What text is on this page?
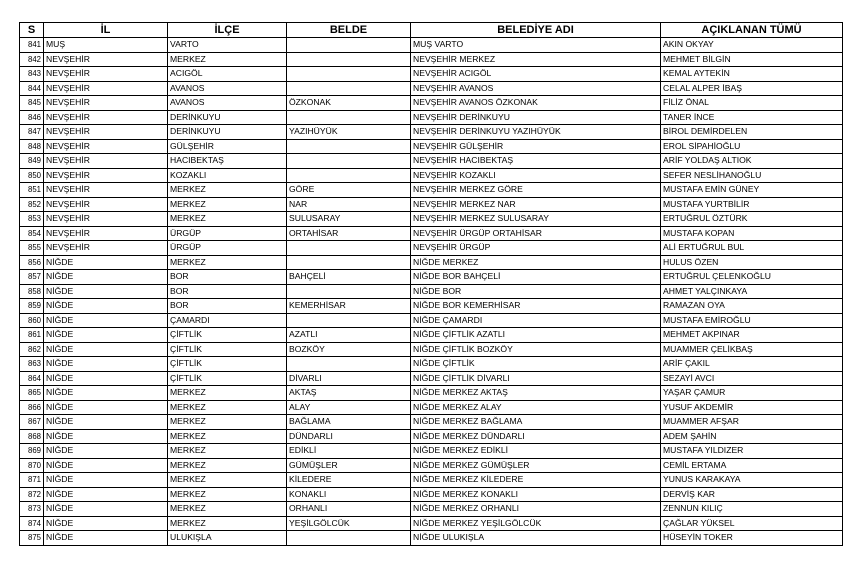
S	İL	İLÇE	BELDE	BELEDİYE ADI	AÇIKLANAN TÜMÜ
841	MUŞ	VARTO		MUŞ VARTO	AKIN OKYAY
842	NEVŞEHİR	MERKEZ		NEVŞEHİR MERKEZ	MEHMET BİLGİN
843	NEVŞEHİR	ACIGÖL		NEVŞEHİR ACIGÖL	KEMAL AYTEKİN
844	NEVŞEHİR	AVANOS		NEVŞEHİR AVANOS	CELAL ALPER İBAŞ
845	NEVŞEHİR	AVANOS	ÖZKONAK	NEVŞEHİR AVANOS ÖZKONAK	FİLİZ ÖNAL
846	NEVŞEHİR	DERİNKUYU		NEVŞEHİR DERİNKUYU	TANER İNCE
847	NEVŞEHİR	DERİNKUYU	YAZIHÜYÜK	NEVŞEHİR DERİNKUYU YAZIHÜYÜK	BİROL DEMİRDELEN
848	NEVŞEHİR	GÜLŞEHİR		NEVŞEHİR GÜLŞEHİR	EROL SİPAHİOĞLU
849	NEVŞEHİR	HACIBEKTAŞ		NEVŞEHİR HACIBEKTAŞ	ARİF YOLDAŞ ALTIOK
850	NEVŞEHİR	KOZAKLI		NEVŞEHİR KOZAKLI	SEFER NESLİHANOĞLU
851	NEVŞEHİR	MERKEZ	GÖRE	NEVŞEHİR MERKEZ GÖRE	MUSTAFA EMİN GÜNEY
852	NEVŞEHİR	MERKEZ	NAR	NEVŞEHİR MERKEZ NAR	MUSTAFA YURTBİLİR
853	NEVŞEHİR	MERKEZ	SULUSARAY	NEVŞEHİR MERKEZ SULUSARAY	ERTUĞRUL ÖZTÜRK
854	NEVŞEHİR	ÜRGÜP	ORTAHİSAR	NEVŞEHİR ÜRGÜP ORTAHİSAR	MUSTAFA KOPAN
855	NEVŞEHİR	ÜRGÜP		NEVŞEHİR ÜRGÜP	ALİ ERTUĞRUL BUL
856	NİĞDE	MERKEZ		NİĞDE MERKEZ	HULUS ÖZEN
857	NİĞDE	BOR	BAHÇELİ	NİĞDE BOR BAHÇELİ	ERTUĞRUL ÇELENKOĞLU
858	NİĞDE	BOR		NİĞDE BOR	AHMET YALÇINKAYA
859	NİĞDE	BOR	KEMERHİSAR	NİĞDE BOR KEMERHİSAR	RAMAZAN OYA
860	NİĞDE	ÇAMARDI		NİĞDE ÇAMARDI	MUSTAFA EMİROĞLU
861	NİĞDE	ÇİFTLİK	AZATLI	NİĞDE ÇİFTLİK AZATLI	MEHMET AKPINAR
862	NİĞDE	ÇİFTLİK	BOZKÖY	NİĞDE ÇİFTLİK BOZKÖY	MUAMMER ÇELİKBAŞ
863	NİĞDE	ÇİFTLİK		NİĞDE ÇİFTLİK	ARİF ÇAKIL
864	NİĞDE	ÇİFTLİK	DİVARLI	NİĞDE ÇİFTLİK DİVARLI	SEZAYİ AVCI
865	NİĞDE	MERKEZ	AKTAŞ	NİĞDE MERKEZ AKTAŞ	YAŞAR ÇAMUR
866	NİĞDE	MERKEZ	ALAY	NİĞDE MERKEZ ALAY	YUSUF AKDEMİR
867	NİĞDE	MERKEZ	BAĞLAMA	NİĞDE MERKEZ BAĞLAMA	MUAMMER AFŞAR
868	NİĞDE	MERKEZ	DÜNDARLI	NİĞDE MERKEZ DÜNDARLI	ADEM ŞAHİN
869	NİĞDE	MERKEZ	EDİKLİ	NİĞDE MERKEZ EDİKLİ	MUSTAFA YILDIZER
870	NİĞDE	MERKEZ	GÜMÜŞLER	NİĞDE MERKEZ GÜMÜŞLER	CEMİL ERTAMA
871	NİĞDE	MERKEZ	KİLEDERE	NİĞDE MERKEZ KİLEDERE	YUNUS KARAKAYA
872	NİĞDE	MERKEZ	KONAKLI	NİĞDE MERKEZ KONAKLI	DERVİŞ KAR
873	NİĞDE	MERKEZ	ORHANLI	NİĞDE MERKEZ ORHANLI	ZENNUN KILIÇ
874	NİĞDE	MERKEZ	YEŞİLGÖLCÜK	NİĞDE MERKEZ YEŞİLGÖLCÜK	ÇAĞLAR YÜKSEL
875	NİĞDE	ULUKIŞLA		NİĞDE ULUKIŞLA	HÜSEYİN TOKER
